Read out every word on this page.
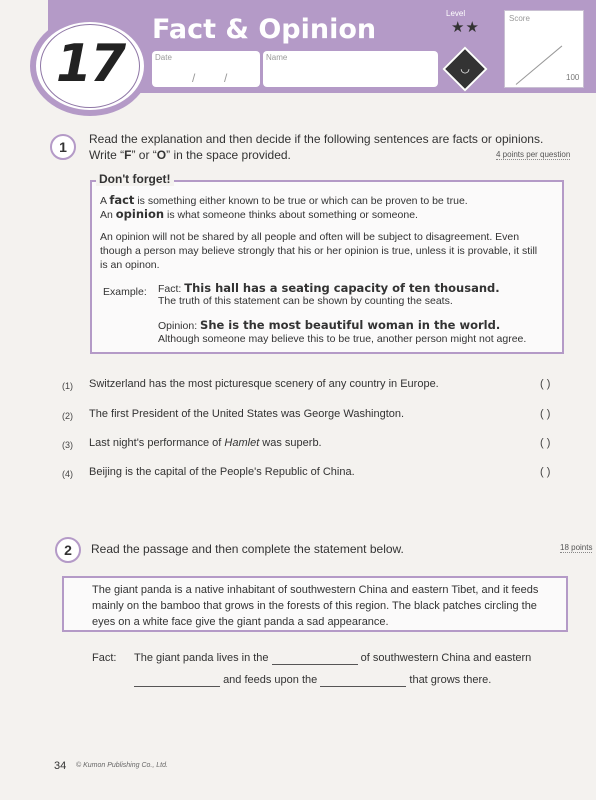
17
Fact & Opinion
Date
/ /
Name
Level
★★
◡
Score
100
1	Read the explanation and then decide if the following sentences are facts or opinions.
Write “F” or “O” in the space provided.	4 points per question
Don't forget!
A fact is something either known to be true or which can be proven to be true.
An opinion is what someone thinks about something or someone.
An opinion will not be shared by all people and often will be subject to disagreement. Even
though a person may believe strongly that his or her opinion is true, unless it is provable, it still
is an opinon.
Example: Fact: This hall has a seating capacity of ten thousand.
The truth of this statement can be shown by counting the seats.
Opinion: She is the most beautiful woman in the world.
Although someone may believe this to be true, another person might not agree.
(1) Switzerland has the most picturesque scenery of any country in Europe.	( )
(2) The first President of the United States was George Washington.	( )
(3) Last night's performance of Hamlet was superb.	( )
(4) Beijing is the capital of the People's Republic of China.	( )
2	Read the passage and then complete the statement below.	18 points
The giant panda is a native inhabitant of southwestern China and eastern Tibet, and it feeds
mainly on the bamboo that grows in the forests of this region. The black patches circling the
eyes on a white face give the giant panda a sad appearance.
Fact: The giant panda lives in the	of southwestern China and eastern
and feeds upon the	that grows there.
34 © Kumon Publishing Co., Ltd.
